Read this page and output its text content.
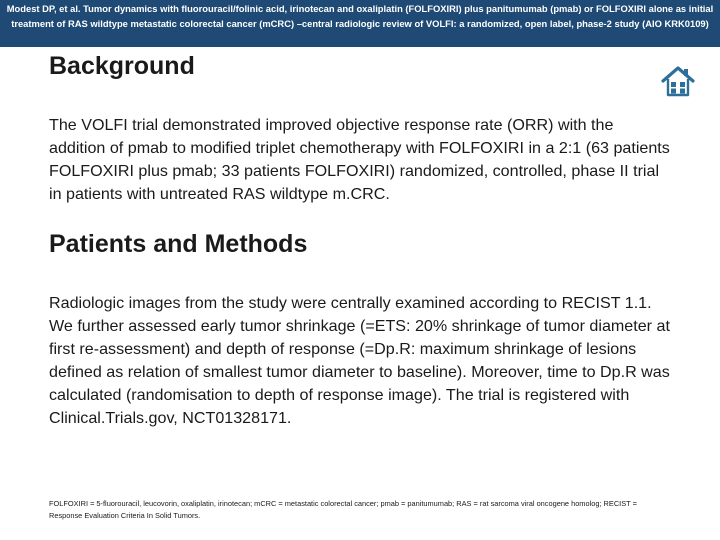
Modest DP, et al. Tumor dynamics with fluorouracil/folinic acid, irinotecan and oxaliplatin (FOLFOXIRI) plus panitumumab (pmab) or FOLFOXIRI alone as initial treatment of RAS wildtype metastatic colorectal cancer (mCRC) –central radiologic review of VOLFI: a randomized, open label, phase-2 study (AIO KRK0109)
Background

The VOLFI trial demonstrated improved objective response rate (ORR) with the addition of pmab to modified triplet chemotherapy with FOLFOXIRI in a 2:1 (63 patients FOLFOXIRI plus pmab; 33 patients FOLFOXIRI) randomized, controlled, phase II trial in patients with untreated RAS wildtype m.CRC.

Patients and Methods

Radiologic images from the study were centrally examined according to RECIST 1.1. We further assessed early tumor shrinkage (=ETS: 20% shrinkage of tumor diameter at first re-assessment) and depth of response (=Dp.R: maximum shrinkage of lesions defined as relation of smallest tumor diameter to baseline). Moreover, time to Dp.R was calculated (randomisation to depth of response image). The trial is registered with Clinical.Trials.gov, NCT01328171.

FOLFOXIRI = 5-fluorouracil, leucovorin, oxaliplatin, irinotecan; mCRC = metastatic colorectal cancer; pmab = panitumumab; RAS = rat sarcoma viral oncogene homolog; RECIST = Response Evaluation Criteria In Solid Tumors.
